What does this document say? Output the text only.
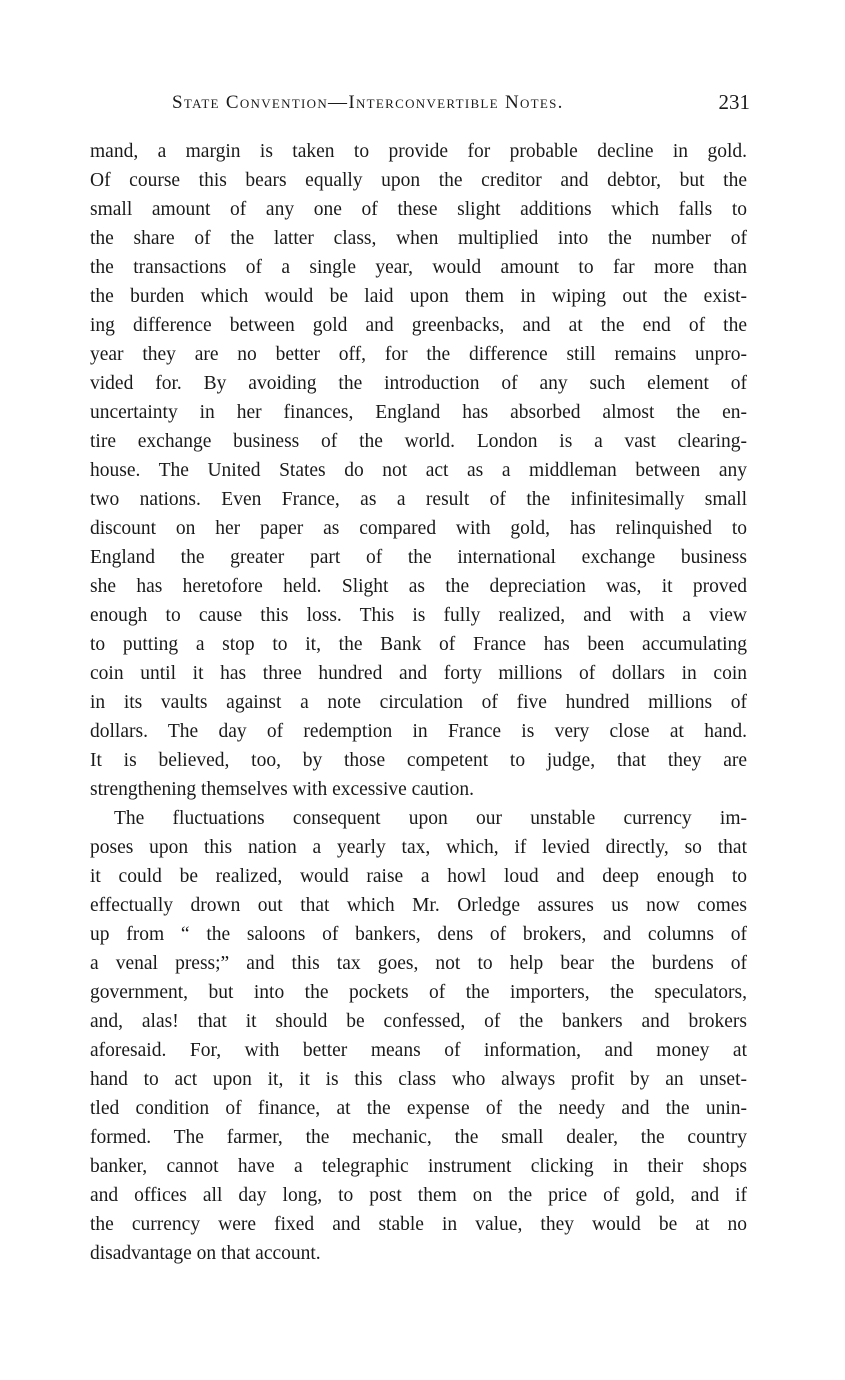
State Convention—Interconvertible Notes.	231
mand, a margin is taken to provide for probable decline in gold.
Of course this bears equally upon the creditor and debtor, but the
small amount of any one of these slight additions which falls to
the share of the latter class, when multiplied into the number of
the transactions of a single year, would amount to far more than
the burden which would be laid upon them in wiping out the exist-
ing difference between gold and greenbacks, and at the end of the
year they are no better off, for the difference still remains unpro-
vided for. By avoiding the introduction of any such element of
uncertainty in her finances, England has absorbed almost the en-
tire exchange business of the world. London is a vast clearing-
house. The United States do not act as a middleman between any
two nations. Even France, as a result of the infinitesimally small
discount on her paper as compared with gold, has relinquished to
England the greater part of the international exchange business
she has heretofore held. Slight as the depreciation was, it proved
enough to cause this loss. This is fully realized, and with a view
to putting a stop to it, the Bank of France has been accumulating
coin until it has three hundred and forty millions of dollars in coin
in its vaults against a note circulation of five hundred millions of
dollars. The day of redemption in France is very close at hand.
It is believed, too, by those competent to judge, that they are
strengthening themselves with excessive caution.
The fluctuations consequent upon our unstable currency im-
poses upon this nation a yearly tax, which, if levied directly, so that
it could be realized, would raise a howl loud and deep enough to
effectually drown out that which Mr. Orledge assures us now comes
up from “ the saloons of bankers, dens of brokers, and columns of
a venal press;” and this tax goes, not to help bear the burdens of
government, but into the pockets of the importers, the speculators,
and, alas! that it should be confessed, of the bankers and brokers
aforesaid. For, with better means of information, and money at
hand to act upon it, it is this class who always profit by an unset-
tled condition of finance, at the expense of the needy and the unin-
formed. The farmer, the mechanic, the small dealer, the country
banker, cannot have a telegraphic instrument clicking in their shops
and offices all day long, to post them on the price of gold, and if
the currency were fixed and stable in value, they would be at no
disadvantage on that account.
